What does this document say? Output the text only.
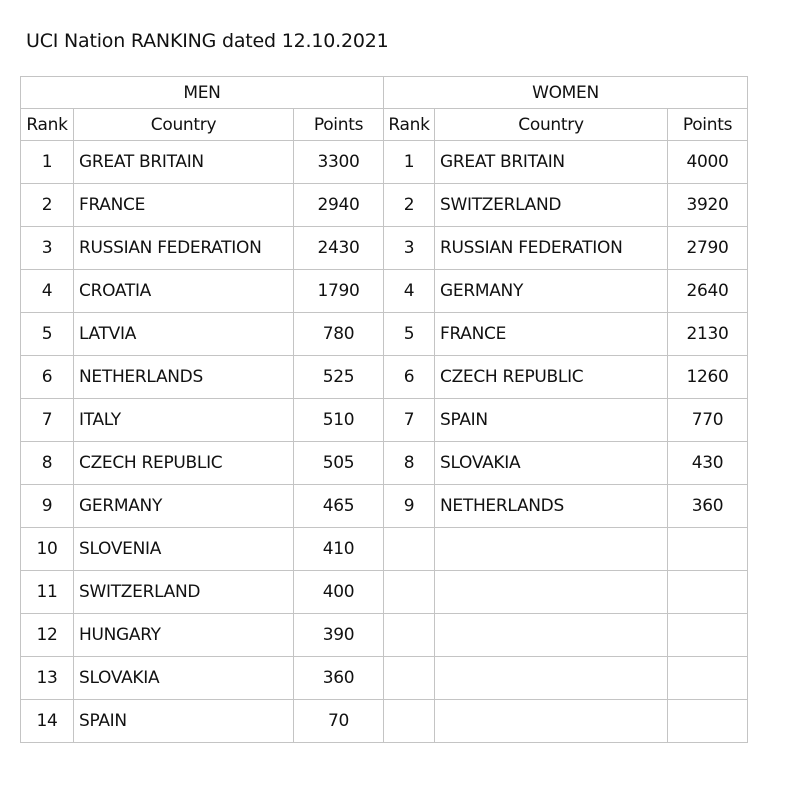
UCI Nation RANKING dated 12.10.2021
MEN			WOMEN		
Rank	Country	Points	Rank	Country	Points
1	GREAT BRITAIN	3300	1	GREAT BRITAIN	4000
2	FRANCE	2940	2	SWITZERLAND	3920
3	RUSSIAN FEDERATION	2430	3	RUSSIAN FEDERATION	2790
4	CROATIA	1790	4	GERMANY	2640
5	LATVIA	780	5	FRANCE	2130
6	NETHERLANDS	525	6	CZECH REPUBLIC	1260
7	ITALY	510	7	SPAIN	770
8	CZECH REPUBLIC	505	8	SLOVAKIA	430
9	GERMANY	465	9	NETHERLANDS	360
10	SLOVENIA	410			
11	SWITZERLAND	400			
12	HUNGARY	390			
13	SLOVAKIA	360			
14	SPAIN	70			
